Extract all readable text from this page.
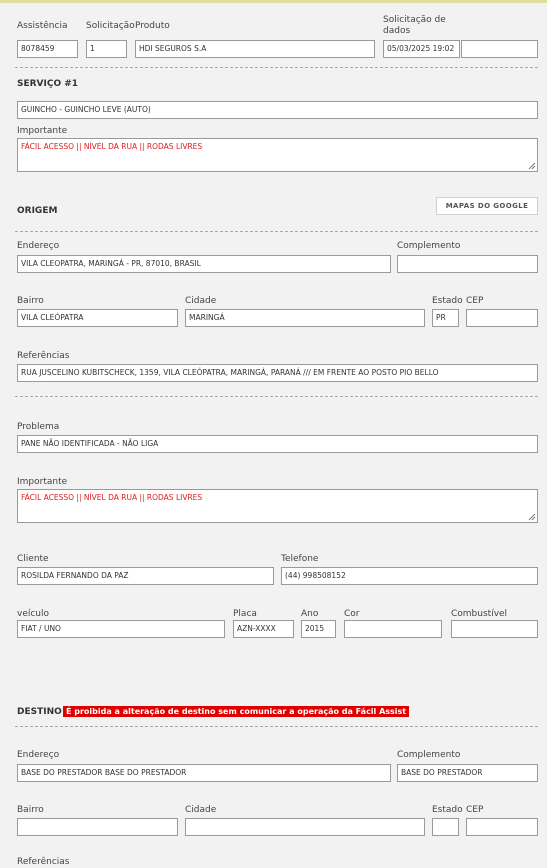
Assistência
8078459
Solicitação
1
Produto
HDI SEGUROS S.A
Solicitação de dados
05/03/2025 19:02
SERVIÇO #1
GUINCHO - GUINCHO LEVE (AUTO)
Importante
FÁCIL ACESSO || NÍVEL DA RUA || RODAS LIVRES
ORIGEM	MAPAS DO GOOGLE
Endereço
VILA CLEOPATRA, MARINGÁ - PR, 87010, BRASIL
Complemento
Bairro
VILA CLEÓPATRA
Cidade
MARINGÁ
Estado
PR
CEP
Referências
RUA JUSCELINO KUBITSCHECK, 1359, VILA CLEÓPATRA, MARINGÁ, PARANÁ /// EM FRENTE AO POSTO PIO BELLO
Problema
PANE NÃO IDENTIFICADA - NÃO LIGA
Importante
FÁCIL ACESSO || NÍVEL DA RUA || RODAS LIVRES
Cliente
ROSILDA FERNANDO DA PAZ
Telefone
(44) 998508152
veículo
FIAT / UNO
Placa
AZN-XXXX
Ano
2015
Cor	Combustível
DESTINO É proibida a alteração de destino sem comunicar a operação da Fácil Assist
Endereço
BASE DO PRESTADOR BASE DO PRESTADOR
Complemento
BASE DO PRESTADOR
Bairro	Cidade	Estado CEP
Referências
